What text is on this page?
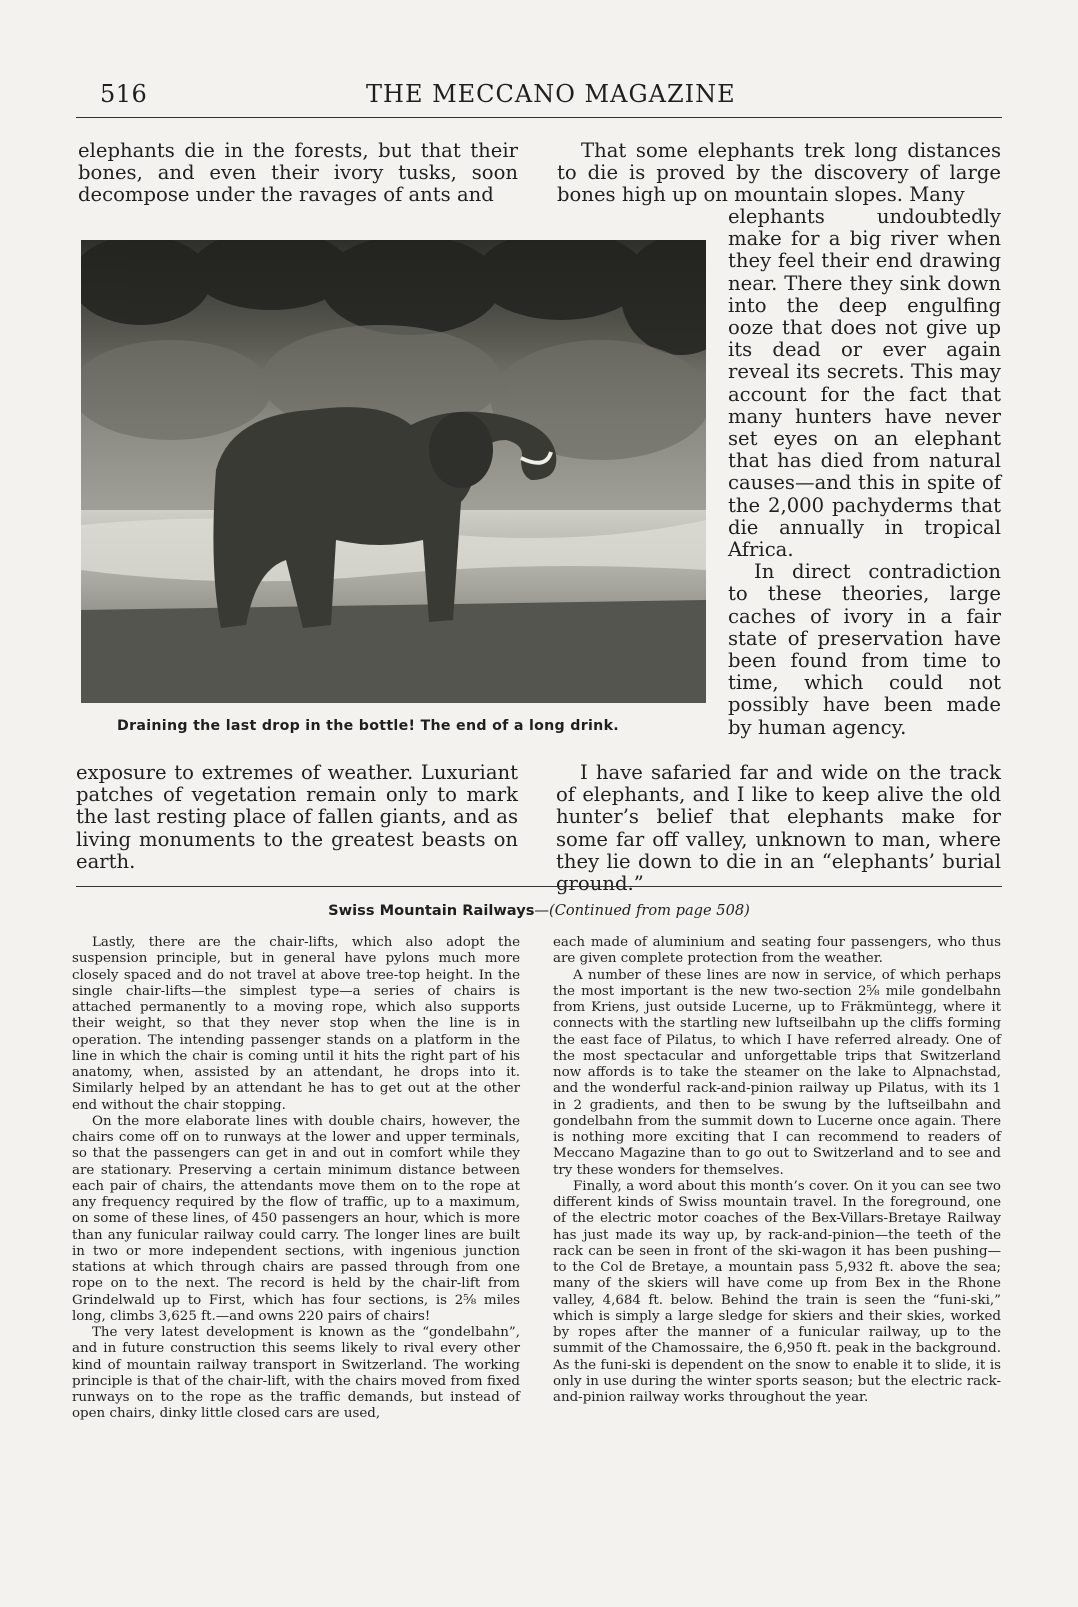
516	THE MECCANO MAGAZINE

elephants die in the forests, but that their bones, and even their ivory tusks, soon decompose under the ravages of ants and

That some elephants trek long distances to die is proved by the discovery of large bones high up on mountain slopes. Many

elephants undoubtedly make for a big river when they feel their end drawing near. There they sink down into the deep engulfing ooze that does not give up its dead or ever again reveal its secrets. This may account for the fact that many hunters have never set eyes on an elephant that has died from natural causes—and this in spite of the 2,000 pachyderms that die annually in tropical Africa.

In direct contradiction to these theories, large caches of ivory in a fair state of preservation have been found from time to time, which could not possibly have been made by human agency.

Draining the last drop in the bottle! The end of a long drink.

exposure to extremes of weather. Luxuriant patches of vegetation remain only to mark the last resting place of fallen giants, and as living monuments to the greatest beasts on earth.

I have safaried far and wide on the track of elephants, and I like to keep alive the old hunter’s belief that elephants make for some far off valley, unknown to man, where they lie down to die in an “elephants’ burial ground.”

Swiss Mountain Railways—(Continued from page 508)

Lastly, there are the chair-lifts, which also adopt the suspension principle, but in general have pylons much more closely spaced and do not travel at above tree-top height. In the single chair-lifts—the simplest type—a series of chairs is attached permanently to a moving rope, which also supports their weight, so that they never stop when the line is in operation. The intending passenger stands on a platform in the line in which the chair is coming until it hits the right part of his anatomy, when, assisted by an attendant, he drops into it. Similarly helped by an attendant he has to get out at the other end without the chair stopping.

On the more elaborate lines with double chairs, however, the chairs come off on to runways at the lower and upper terminals, so that the passengers can get in and out in comfort while they are stationary. Preserving a certain minimum distance between each pair of chairs, the attendants move them on to the rope at any frequency required by the flow of traffic, up to a maximum, on some of these lines, of 450 passengers an hour, which is more than any funicular railway could carry. The longer lines are built in two or more independent sections, with ingenious junction stations at which through chairs are passed through from one rope on to the next. The record is held by the chair-lift from Grindelwald up to First, which has four sections, is 2⅝ miles long, climbs 3,625 ft.—and owns 220 pairs of chairs!

The very latest development is known as the “gondelbahn”, and in future construction this seems likely to rival every other kind of mountain railway transport in Switzerland. The working principle is that of the chair-lift, with the chairs moved from fixed runways on to the rope as the traffic demands, but instead of open chairs, dinky little closed cars are used,

each made of aluminium and seating four passengers, who thus are given complete protection from the weather.

A number of these lines are now in service, of which perhaps the most important is the new two-section 2⅝ mile gondelbahn from Kriens, just outside Lucerne, up to Fräkmüntegg, where it connects with the startling new luftseilbahn up the cliffs forming the east face of Pilatus, to which I have referred already. One of the most spectacular and unforgettable trips that Switzerland now affords is to take the steamer on the lake to Alpnachstad, and the wonderful rack-and-pinion railway up Pilatus, with its 1 in 2 gradients, and then to be swung by the luftseilbahn and gondelbahn from the summit down to Lucerne once again. There is nothing more exciting that I can recommend to readers of Meccano Magazine than to go out to Switzerland and to see and try these wonders for themselves.

Finally, a word about this month’s cover. On it you can see two different kinds of Swiss mountain travel. In the foreground, one of the electric motor coaches of the Bex-Villars-Bretaye Railway has just made its way up, by rack-and-pinion—the teeth of the rack can be seen in front of the ski-wagon it has been pushing—to the Col de Bretaye, a mountain pass 5,932 ft. above the sea; many of the skiers will have come up from Bex in the Rhone valley, 4,684 ft. below. Behind the train is seen the “funi-ski,” which is simply a large sledge for skiers and their skies, worked by ropes after the manner of a funicular railway, up to the summit of the Chamossaire, the 6,950 ft. peak in the background. As the funi-ski is dependent on the snow to enable it to slide, it is only in use during the winter sports season; but the electric rack-and-pinion railway works throughout the year.
